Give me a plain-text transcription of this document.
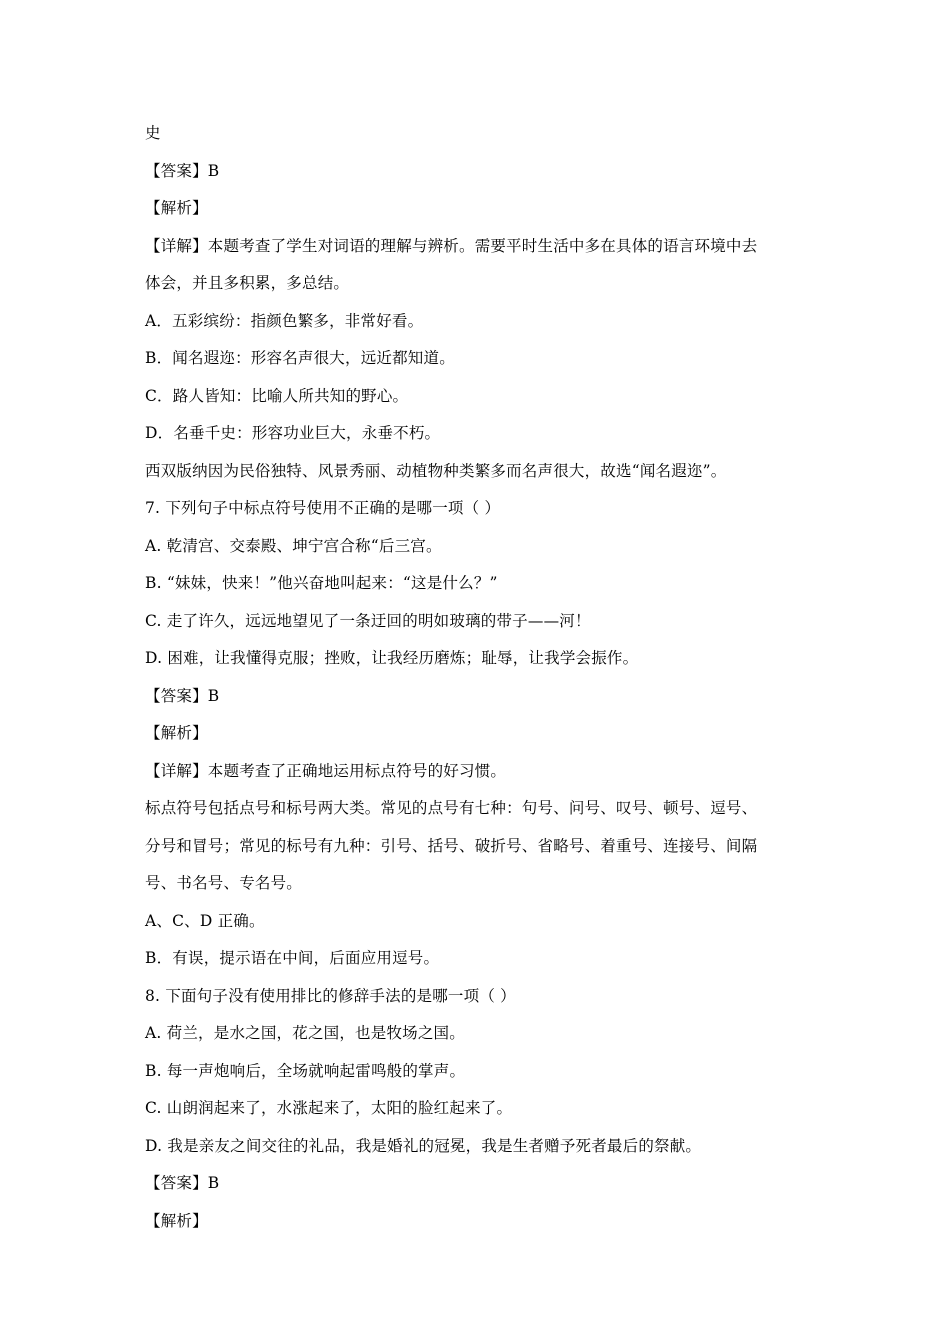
史
【答案】B
【解析】
【详解】本题考查了学生对词语的理解与辨析。需要平时生活中多在具体的语言环境中去
体会，并且多积累，多总结。
A．五彩缤纷：指颜色繁多，非常好看。
B．闻名遐迩：形容名声很大，远近都知道。
C．路人皆知：比喻人所共知的野心。
D．名垂千史：形容功业巨大，永垂不朽。
西双版纳因为民俗独特、风景秀丽、动植物种类繁多而名声很大，故选“闻名遐迩”。
7. 下列句子中标点符号使用不正确的是哪一项（ ）
A. 乾清宫、交泰殿、坤宁宫合称“后三宫。
B. “妹妹，快来！”他兴奋地叫起来：“这是什么？”
C. 走了许久，远远地望见了一条迂回的明如玻璃的带子——河！
D. 困难，让我懂得克服；挫败，让我经历磨炼；耻辱，让我学会振作。
【答案】B
【解析】
【详解】本题考查了正确地运用标点符号的好习惯。
标点符号包括点号和标号两大类。常见的点号有七种：句号、问号、叹号、顿号、逗号、
分号和冒号；常见的标号有九种：引号、括号、破折号、省略号、着重号、连接号、间隔
号、书名号、专名号。
A、C、D 正确。
B．有误，提示语在中间，后面应用逗号。
8. 下面句子没有使用排比的修辞手法的是哪一项（ ）
A. 荷兰，是水之国，花之国，也是牧场之国。
B. 每一声炮响后，全场就响起雷鸣般的掌声。
C. 山朗润起来了，水涨起来了，太阳的脸红起来了。
D. 我是亲友之间交往的礼品，我是婚礼的冠冕，我是生者赠予死者最后的祭献。
【答案】B
【解析】
